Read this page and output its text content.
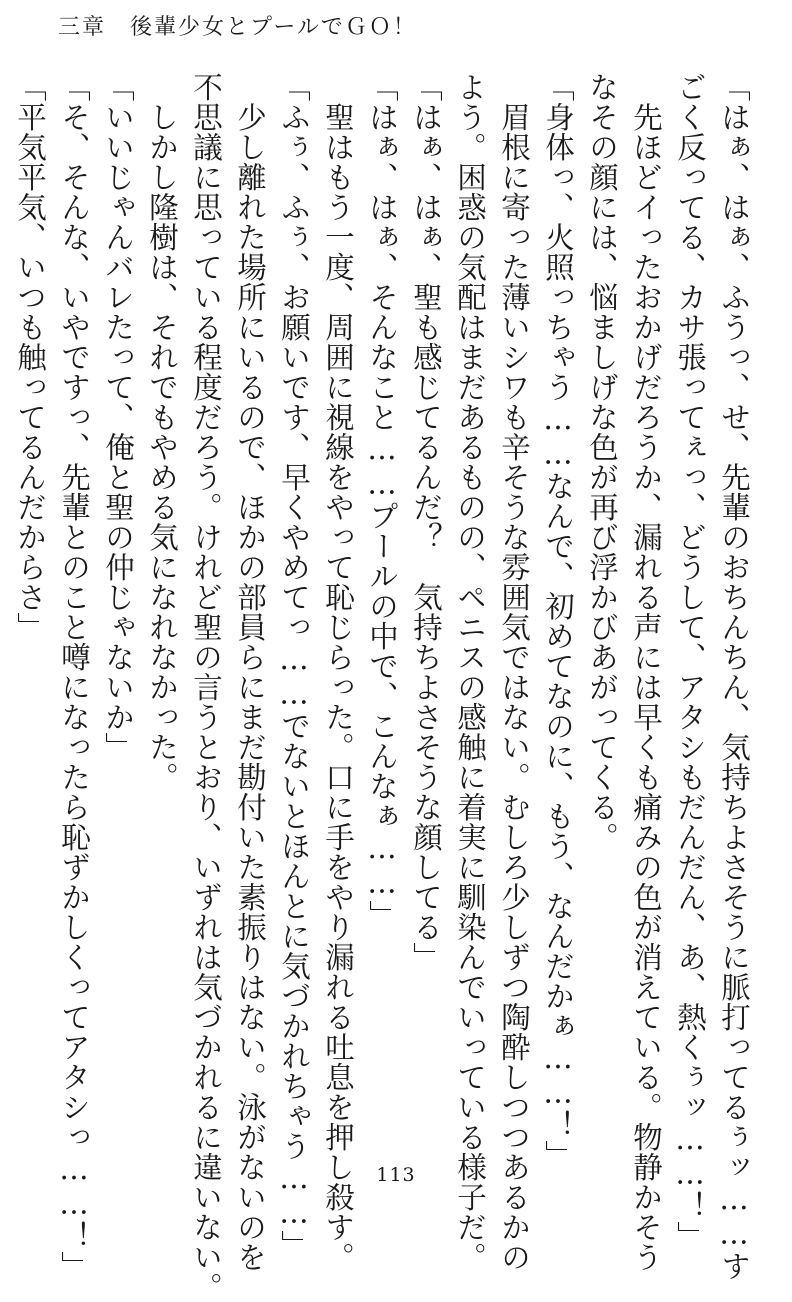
三章　後輩少女とプールでＧＯ！
「はぁ、はぁ、ふうっ、せ、先輩のおちんちん、気持ちよさそうに脈打ってるぅッ……す
ごく反ってる、カサ張ってぇっ、どうして、アタシもだんだん、あ、熱くぅッ……！」
先ほどイったおかげだろうか、漏れる声には早くも痛みの色が消えている。物静かそう
なその顔には、悩ましげな色が再び浮かびあがってくる。
「身体っ、火照っちゃう……なんで、初めてなのに、もう、なんだかぁ……！」
眉根に寄った薄いシワも辛そうな雰囲気ではない。むしろ少しずつ陶酔しつつあるかの
よう。困惑の気配はまだあるものの、ペニスの感触に着実に馴染んでいっている様子だ。
「はぁ、はぁ、聖も感じてるんだ？　気持ちよさそうな顔してる」
「はぁ、はぁ、そんなこと……プールの中で、こんなぁ……」
聖はもう一度、周囲に視線をやって恥じらった。口に手をやり漏れる吐息を押し殺す。
「ふぅ、ふぅ、お願いです、早くやめてっ……でないとほんとに気づかれちゃう……」
少し離れた場所にいるので、ほかの部員らにまだ勘付いた素振りはない。泳がないのを
不思議に思っている程度だろう。けれど聖の言うとおり、いずれは気づかれるに違いない。
しかし隆樹は、それでもやめる気になれなかった。
「いいじゃんバレたって、俺と聖の仲じゃないか」
「そ、そんな、いやですっ、先輩とのこと噂になったら恥ずかしくってアタシっ……！」
「平気平気、いつも触ってるんだからさ」
113
